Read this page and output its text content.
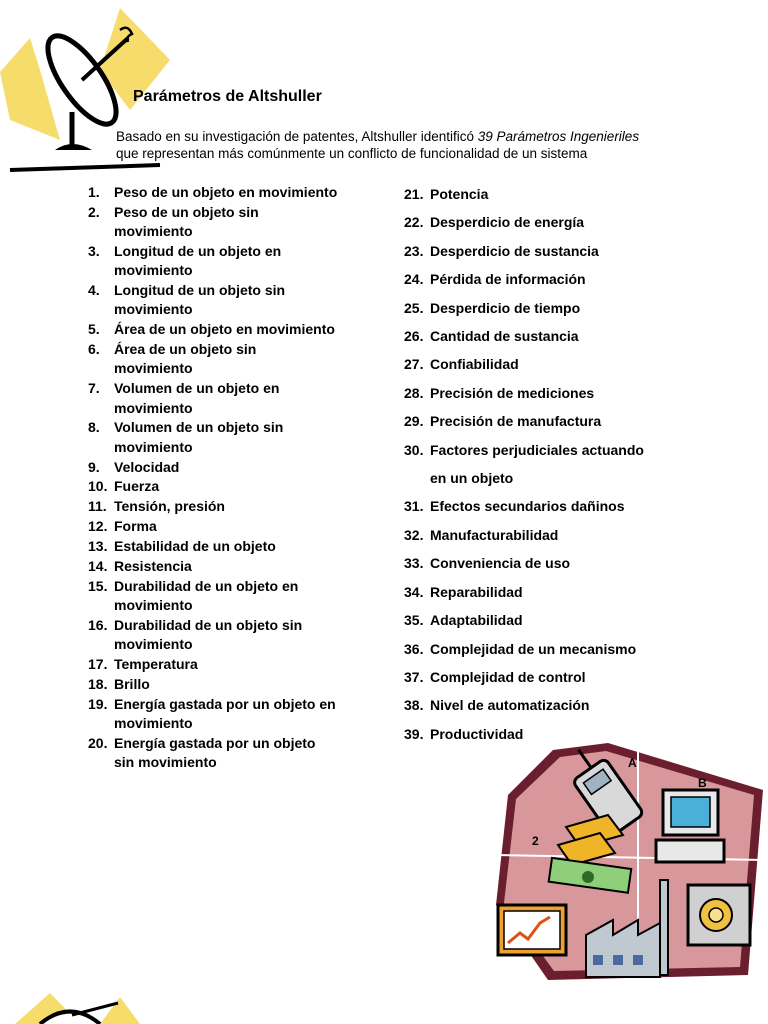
Parámetros de Altshuller
Basado en su investigación de patentes, Altshuller identificó 39 Parámetros Ingenieriles
que representan más comúnmente un conflicto de funcionalidad de un sistema
1.	Peso de un objeto en movimiento
2.	Peso de un objeto sin movimiento
3.	Longitud de un objeto en movimiento
4.	Longitud de un objeto sin movimiento
5.	Área de un objeto en movimiento
6.	Área de un objeto sin movimiento
7.	Volumen de un objeto en movimiento
8.	Volumen de un objeto sin movimiento
9.	Velocidad
10. Fuerza
11. Tensión, presión
12. Forma
13. Estabilidad de un objeto
14. Resistencia
15. Durabilidad de un objeto en movimiento
16. Durabilidad de un objeto sin movimiento
17. Temperatura
18. Brillo
19. Energía gastada por un objeto en movimiento
20. Energía gastada por un objeto sin movimiento
21. Potencia
22. Desperdicio de energía
23. Desperdicio de sustancia
24. Pérdida de información
25. Desperdicio de tiempo
26. Cantidad de sustancia
27. Confiabilidad
28. Precisión de mediciones
29. Precisión de manufactura
30. Factores perjudiciales actuando en un objeto
31. Efectos secundarios dañinos
32. Manufacturabilidad
33. Conveniencia de uso
34. Reparabilidad
35. Adaptabilidad
36. Complejidad de un mecanismo
37. Complejidad de control
38. Nivel de automatización
39. Productividad
A
B
2
